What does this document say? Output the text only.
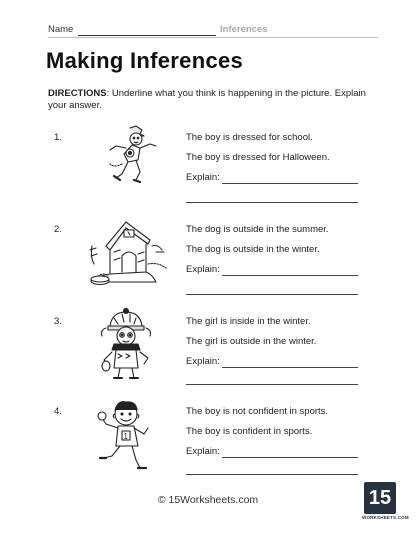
Name	Inferences
Making Inferences
DIRECTIONS: Underline what you think is happening in the picture. Explain your answer.
1.	The boy is dressed for school.
The boy is dressed for Halloween.
Explain:
2.	The dog is outside in the summer.
The dog is outside in the winter.
Explain:
3.	The girl is inside in the winter.
The girl is outside in the winter.
Explain:
4.
1
The boy is not confident in sports.
The boy is confident in sports.
Explain:
© 15Worksheets.com	15
WORKSHEETS.COM
